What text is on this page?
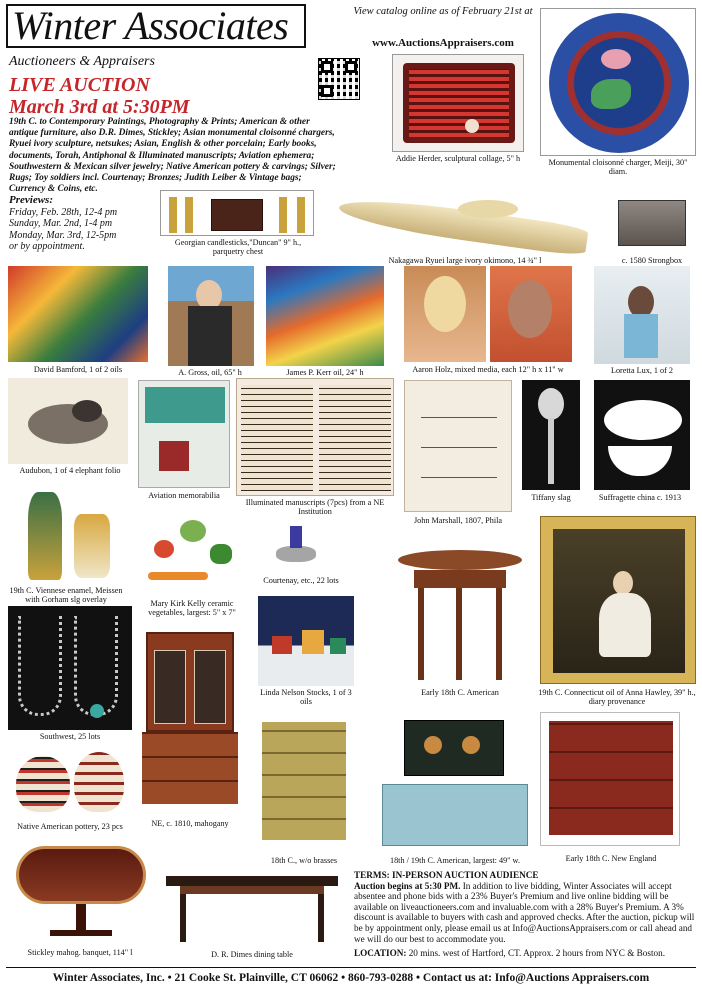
Winter Associates
Auctioneers & Appraisers
LIVE AUCTION
March 3rd at 5:30PM
19th C. to Contemporary Paintings, Photography & Prints; American & other antique furniture, also D.R. Dimes, Stickley; Asian monumental cloisonné chargers, Ryuei ivory sculpture, netsukes; Asian, English & other porcelain; Early books, documents, Torah, Antiphonal & Illuminated manuscripts; Aviation ephemera; Southwestern & Mexican silver jewelry; Native American pottery & carvings; Silver; Rugs; Toy soldiers incl. Courtenay; Bronzes; Judith Leiber & Vintage bags; Currency & Coins, etc.
Previews:
Friday, Feb. 28th, 12-4 pm
Sunday, Mar. 2nd, 1-4 pm
Monday, Mar. 3rd, 12-5pm
or by appointment.
View catalog online as of February 21st at
www.AuctionsAppraisers.com
Addie Herder, sculptural collage, 5" h	Monumental cloisonné charger, Meiji, 30" diam.
Georgian candlesticks,"Duncan" 9" h., parquetry chest
Nakagawa Ryuei large ivory okimono, 14 ¾" l	c. 1580 Strongbox
David Bamford, 1 of 2 oils	A. Gross, oil, 65" h	James P. Kerr oil, 24" h	Aaron Holz, mixed media, each 12" h x 11" w	Loretta Lux, 1 of 2
Audubon, 1 of 4 elephant folio
Aviation memorabilia
Illuminated manuscripts (7pcs) from a NE Institution
John Marshall, 1807, Phila
Tiffany slag	Suffragette china c. 1913
19th C. Viennese enamel, Meissen with Gorham slg overlay	Mary Kirk Kelly ceramic vegetables, largest: 5" x 7"
Courtenay, etc., 22 lots
Early 18th C. American	19th C. Connecticut oil of Anna Hawley, 39" h., diary provenance
Southwest, 25 lots
NE, c. 1810, mahogany
Linda Nelson Stocks, 1 of 3 oils
Native American pottery, 23 pcs
18th C., w/o brasses	18th / 19th C. American, largest: 49" w.	Early 18th C. New England
Stickley mahog. banquet, 114" l	D. R. Dimes dining table
TERMS: IN-PERSON AUCTION AUDIENCE
Auction begins at 5:30 PM. In addition to live bidding, Winter Associates will accept absentee and phone bids with a 23% Buyer's Premium and live online bidding will be available on liveauctioneers.com and invaluable.com with a 28% Buyer's Premium. A 3% discount is available to buyers with cash and approved checks. After the auction, pickup will be by appointment only, please email us at Info@AuctionsAppraisers.com or call ahead and we will do our best to accommodate you.
LOCATION: 20 mins. west of Hartford, CT. Approx. 2 hours from NYC & Boston.
Winter Associates, Inc. • 21 Cooke St. Plainville, CT 06062 • 860-793-0288 • Contact us at: Info@Auctions Appraisers.com
